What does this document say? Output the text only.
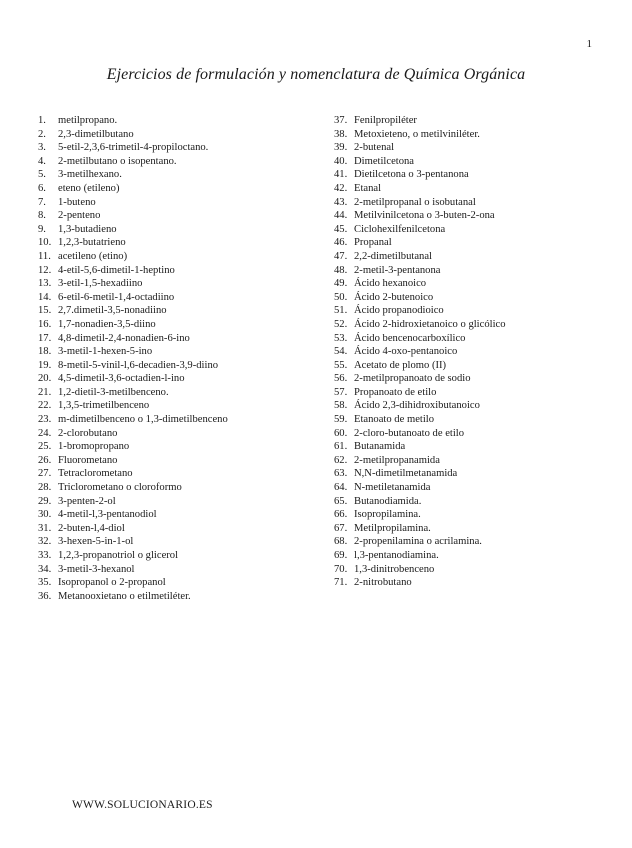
1
Ejercicios de formulación y nomenclatura de Química Orgánica
1.	metilpropano.
2.	2,3-dimetilbutano
3.	5-etil-2,3,6-trimetil-4-propiloctano.
4.	2-metilbutano o isopentano.
5.	3-metilhexano.
6.	eteno (etileno)
7.	1-buteno
8.	2-penteno
9.	1,3-butadieno
10. 1,2,3-butatrieno
11. acetileno (etino)
12. 4-etil-5,6-dimetil-1-heptino
13. 3-etil-1,5-hexadiino
14. 6-etil-6-metil-1,4-octadiino
15. 2,7.dimetil-3,5-nonadiino
16. 1,7-nonadien-3,5-diino
17. 4,8-dimetil-2,4-nonadien-6-ino
18. 3-metil-1-hexen-5-ino
19. 8-metil-5-vinil-l,6-decadien-3,9-diino
20. 4,5-dimetil-3,6-octadien-l-ino
21. 1,2-dietil-3-metilbenceno.
22. 1,3,5-trimetilbenceno
23. m-dimetilbenceno o 1,3-dimetilbenceno
24. 2-clorobutano
25. 1-bromopropano
26. Fluorometano
27. Tetraclorometano
28. Triclorometano o cloroformo
29. 3-penten-2-ol
30. 4-metil-l,3-pentanodiol
31. 2-buten-l,4-diol
32. 3-hexen-5-in-1-ol
33. 1,2,3-propanotriol o glicerol
34. 3-metil-3-hexanol
35. Isopropanol o 2-propanol
36. Metanooxietano o etilmetiléter.
37. Fenilpropiléter
38. Metoxieteno, o metilviniléter.
39. 2-butenal
40. Dimetilcetona
41. Dietilcetona o 3-pentanona
42. Etanal
43. 2-metilpropanal o isobutanal
44. Metilvinilcetona o 3-buten-2-ona
45. Ciclohexilfenilcetona
46. Propanal
47. 2,2-dimetilbutanal
48. 2-metil-3-pentanona
49. Ácido hexanoico
50. Ácido 2-butenoico
51. Ácido propanodioico
52. Ácido 2-hidroxietanoico o glicólico
53. Ácido bencenocarboxílico
54. Ácido 4-oxo-pentanoico
55. Acetato de plomo (II)
56. 2-metilpropanoato de sodio
57. Propanoato de etilo
58. Ácido 2,3-dihidroxibutanoico
59. Etanoato de metilo
60. 2-cloro-butanoato de etilo
61. Butanamida
62. 2-metilpropanamida
63. N,N-dimetilmetanamida
64. N-metiletanamida
65. Butanodiamida.
66. Isopropilamina.
67. Metilpropilamina.
68. 2-propenilamina o acrilamina.
69. l,3-pentanodiamina.
70. 1,3-dinitrobenceno
71. 2-nitrobutano
WWW.SOLUCIONARIO.ES
